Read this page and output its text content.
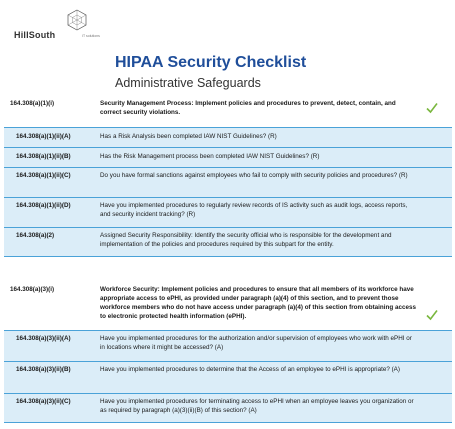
HillSouth	IT solutions
HIPAA Security Checklist
Administrative Safeguards
164.308(a)(1)(i)	Security Management Process: Implement policies and procedures to prevent, detect, contain, and correct security violations.
164.308(a)(1)(ii)(A)	Has a Risk Analysis been completed IAW NIST Guidelines? (R)
164.308(a)(1)(ii)(B)	Has the Risk Management process been completed IAW NIST Guidelines? (R)
164.308(a)(1)(ii)(C)	Do you have formal sanctions against employees who fail to comply with security policies and procedures? (R)
164.308(a)(1)(ii)(D)	Have you implemented procedures to regularly review records of IS activity such as audit logs, access reports, and security incident tracking? (R)
164.308(a)(2)	Assigned Security Responsibility: Identify the security official who is responsible for the development and implementation of the policies and procedures required by this subpart for the entity.
164.308(a)(3)(i)	Workforce Security: Implement policies and procedures to ensure that all members of its workforce have appropriate access to ePHI, as provided under paragraph (a)(4) of this section, and to prevent those workforce members who do not have access under paragraph (a)(4) of this section from obtaining access to electronic protected health information (ePHI).
164.308(a)(3)(ii)(A)	Have you implemented procedures for the authorization and/or supervision of employees who work with ePHI or in locations where it might be accessed? (A)
164.308(a)(3)(ii)(B)	Have you implemented procedures to determine that the Access of an employee to ePHI is appropriate? (A)
164.308(a)(3)(ii)(C)	Have you implemented procedures for terminating access to ePHI when an employee leaves you organization or as required by paragraph (a)(3)(ii)(B) of this section? (A)
